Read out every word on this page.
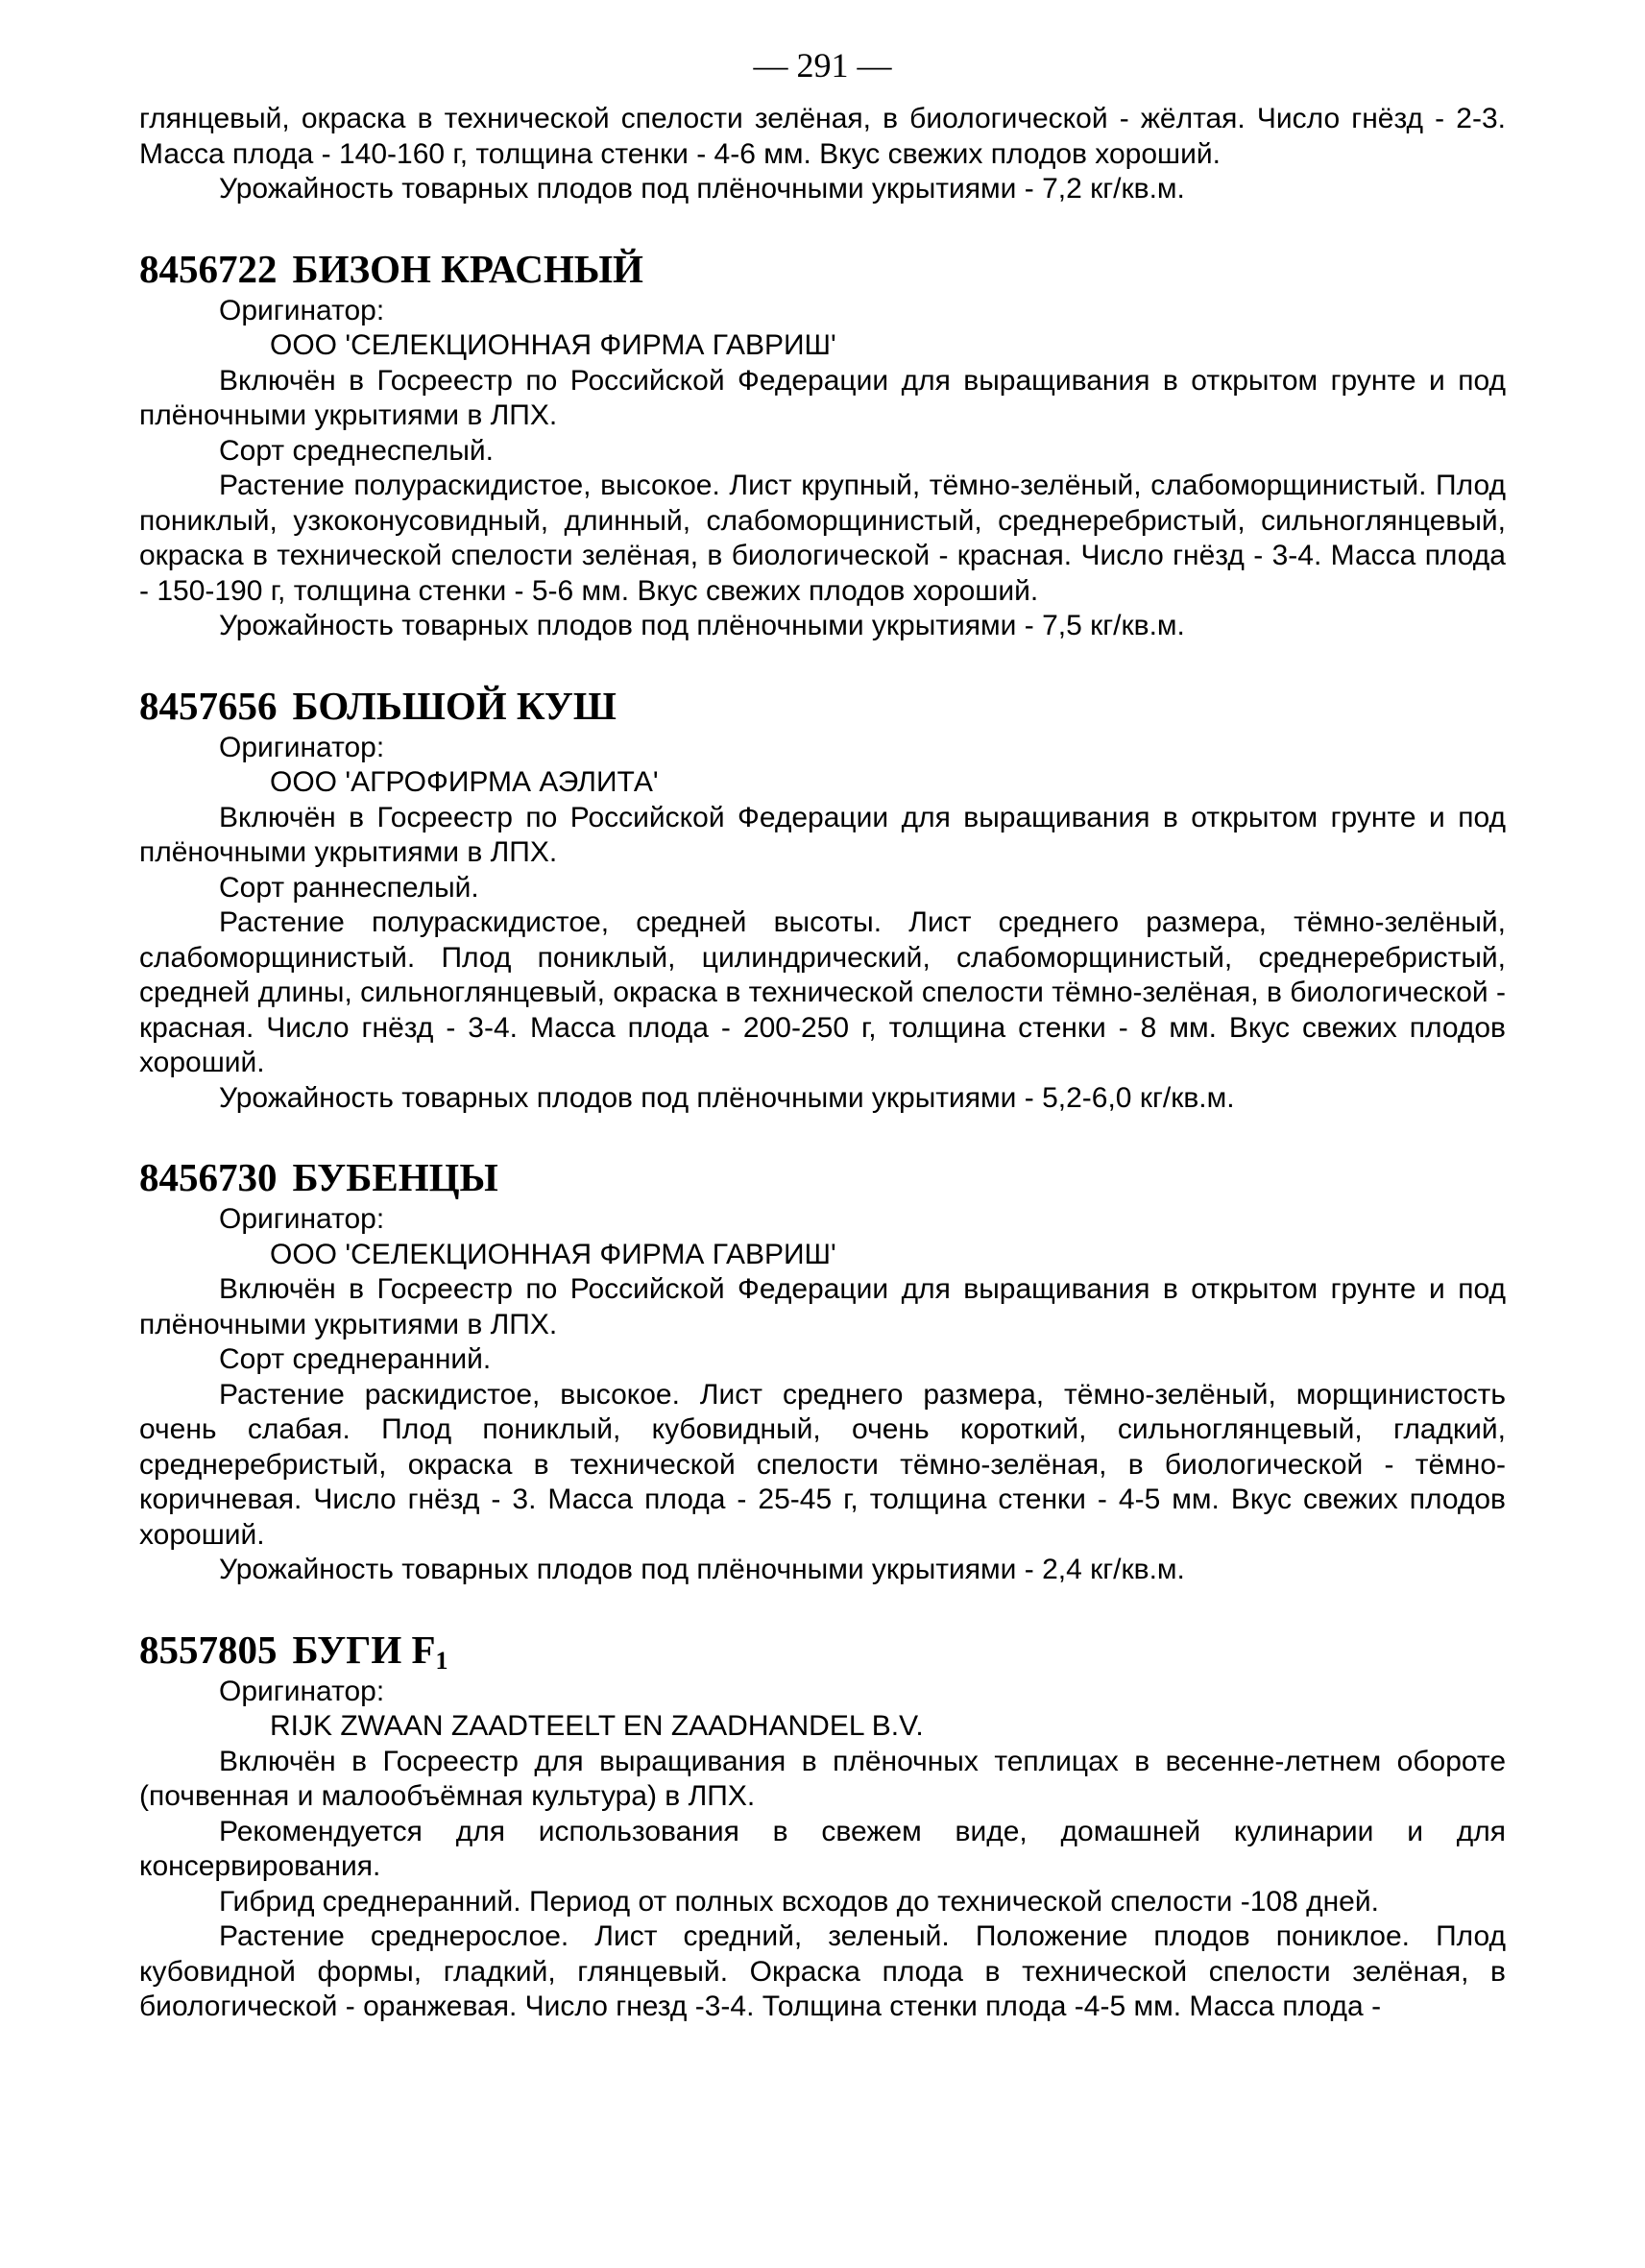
— 291 —

глянцевый, окраска в технической спелости зелёная, в биологической - жёлтая. Число гнёзд - 2-3. Масса плода - 140-160 г, толщина стенки - 4-6 мм. Вкус свежих плодов хороший.

Урожайность товарных плодов под плёночными укрытиями - 7,2 кг/кв.м.

8456722 БИЗОН КРАСНЫЙ

Оригинатор:

ООО 'СЕЛЕКЦИОННАЯ ФИРМА ГАВРИШ'

Включён в Госреестр по Российской Федерации для выращивания в открытом грунте и под плёночными укрытиями в ЛПХ.

Сорт среднеспелый.

Растение полураскидистое, высокое. Лист крупный, тёмно-зелёный, слабоморщинистый. Плод пониклый, узкоконусовидный, длинный, слабоморщинистый, среднеребристый, сильноглянцевый, окраска в технической спелости зелёная, в биологической - красная. Число гнёзд - 3-4. Масса плода - 150-190 г, толщина стенки - 5-6 мм. Вкус свежих плодов хороший.

Урожайность товарных плодов под плёночными укрытиями - 7,5 кг/кв.м.

8457656 БОЛЬШОЙ КУШ

Оригинатор:

ООО 'АГРОФИРМА АЭЛИТА'

Включён в Госреестр по Российской Федерации для выращивания в открытом грунте и под плёночными укрытиями в ЛПХ.

Сорт раннеспелый.

Растение полураскидистое, средней высоты. Лист среднего размера, тёмно-зелёный, слабоморщинистый. Плод пониклый, цилиндрический, слабоморщинистый, среднеребристый, средней длины, сильноглянцевый, окраска в технической спелости тёмно-зелёная, в биологической - красная. Число гнёзд - 3-4. Масса плода - 200-250 г, толщина стенки - 8 мм. Вкус свежих плодов хороший.

Урожайность товарных плодов под плёночными укрытиями - 5,2-6,0 кг/кв.м.

8456730 БУБЕНЦЫ

Оригинатор:

ООО 'СЕЛЕКЦИОННАЯ ФИРМА ГАВРИШ'

Включён в Госреестр по Российской Федерации для выращивания в открытом грунте и под плёночными укрытиями в ЛПХ.

Сорт среднеранний.

Растение раскидистое, высокое. Лист среднего размера, тёмно-зелёный, морщинистость очень слабая. Плод пониклый, кубовидный, очень короткий, сильноглянцевый, гладкий, среднеребристый, окраска в технической спелости тёмно-зелёная, в биологической - тёмно-коричневая. Число гнёзд - 3. Масса плода - 25-45 г, толщина стенки - 4-5 мм. Вкус свежих плодов хороший.

Урожайность товарных плодов под плёночными укрытиями - 2,4 кг/кв.м.

8557805 БУГИ $F_1$

Оригинатор:

RIJK ZWAAN ZAADTEELT EN ZAADHANDEL B.V.

Включён в Госреестр для выращивания в плёночных теплицах в весенне-летнем обороте (почвенная и малообъёмная культура) в ЛПХ.

Рекомендуется для использования в свежем виде, домашней кулинарии и для консервирования.

Гибрид среднеранний. Период от полных всходов до технической спелости -108 дней.

Растение среднерослое. Лист средний, зеленый. Положение плодов пониклое. Плод кубовидной формы, гладкий, глянцевый. Окраска плода в технической спелости зелёная, в биологической - оранжевая. Число гнезд -3-4. Толщина стенки плода -4-5 мм. Масса плода -
